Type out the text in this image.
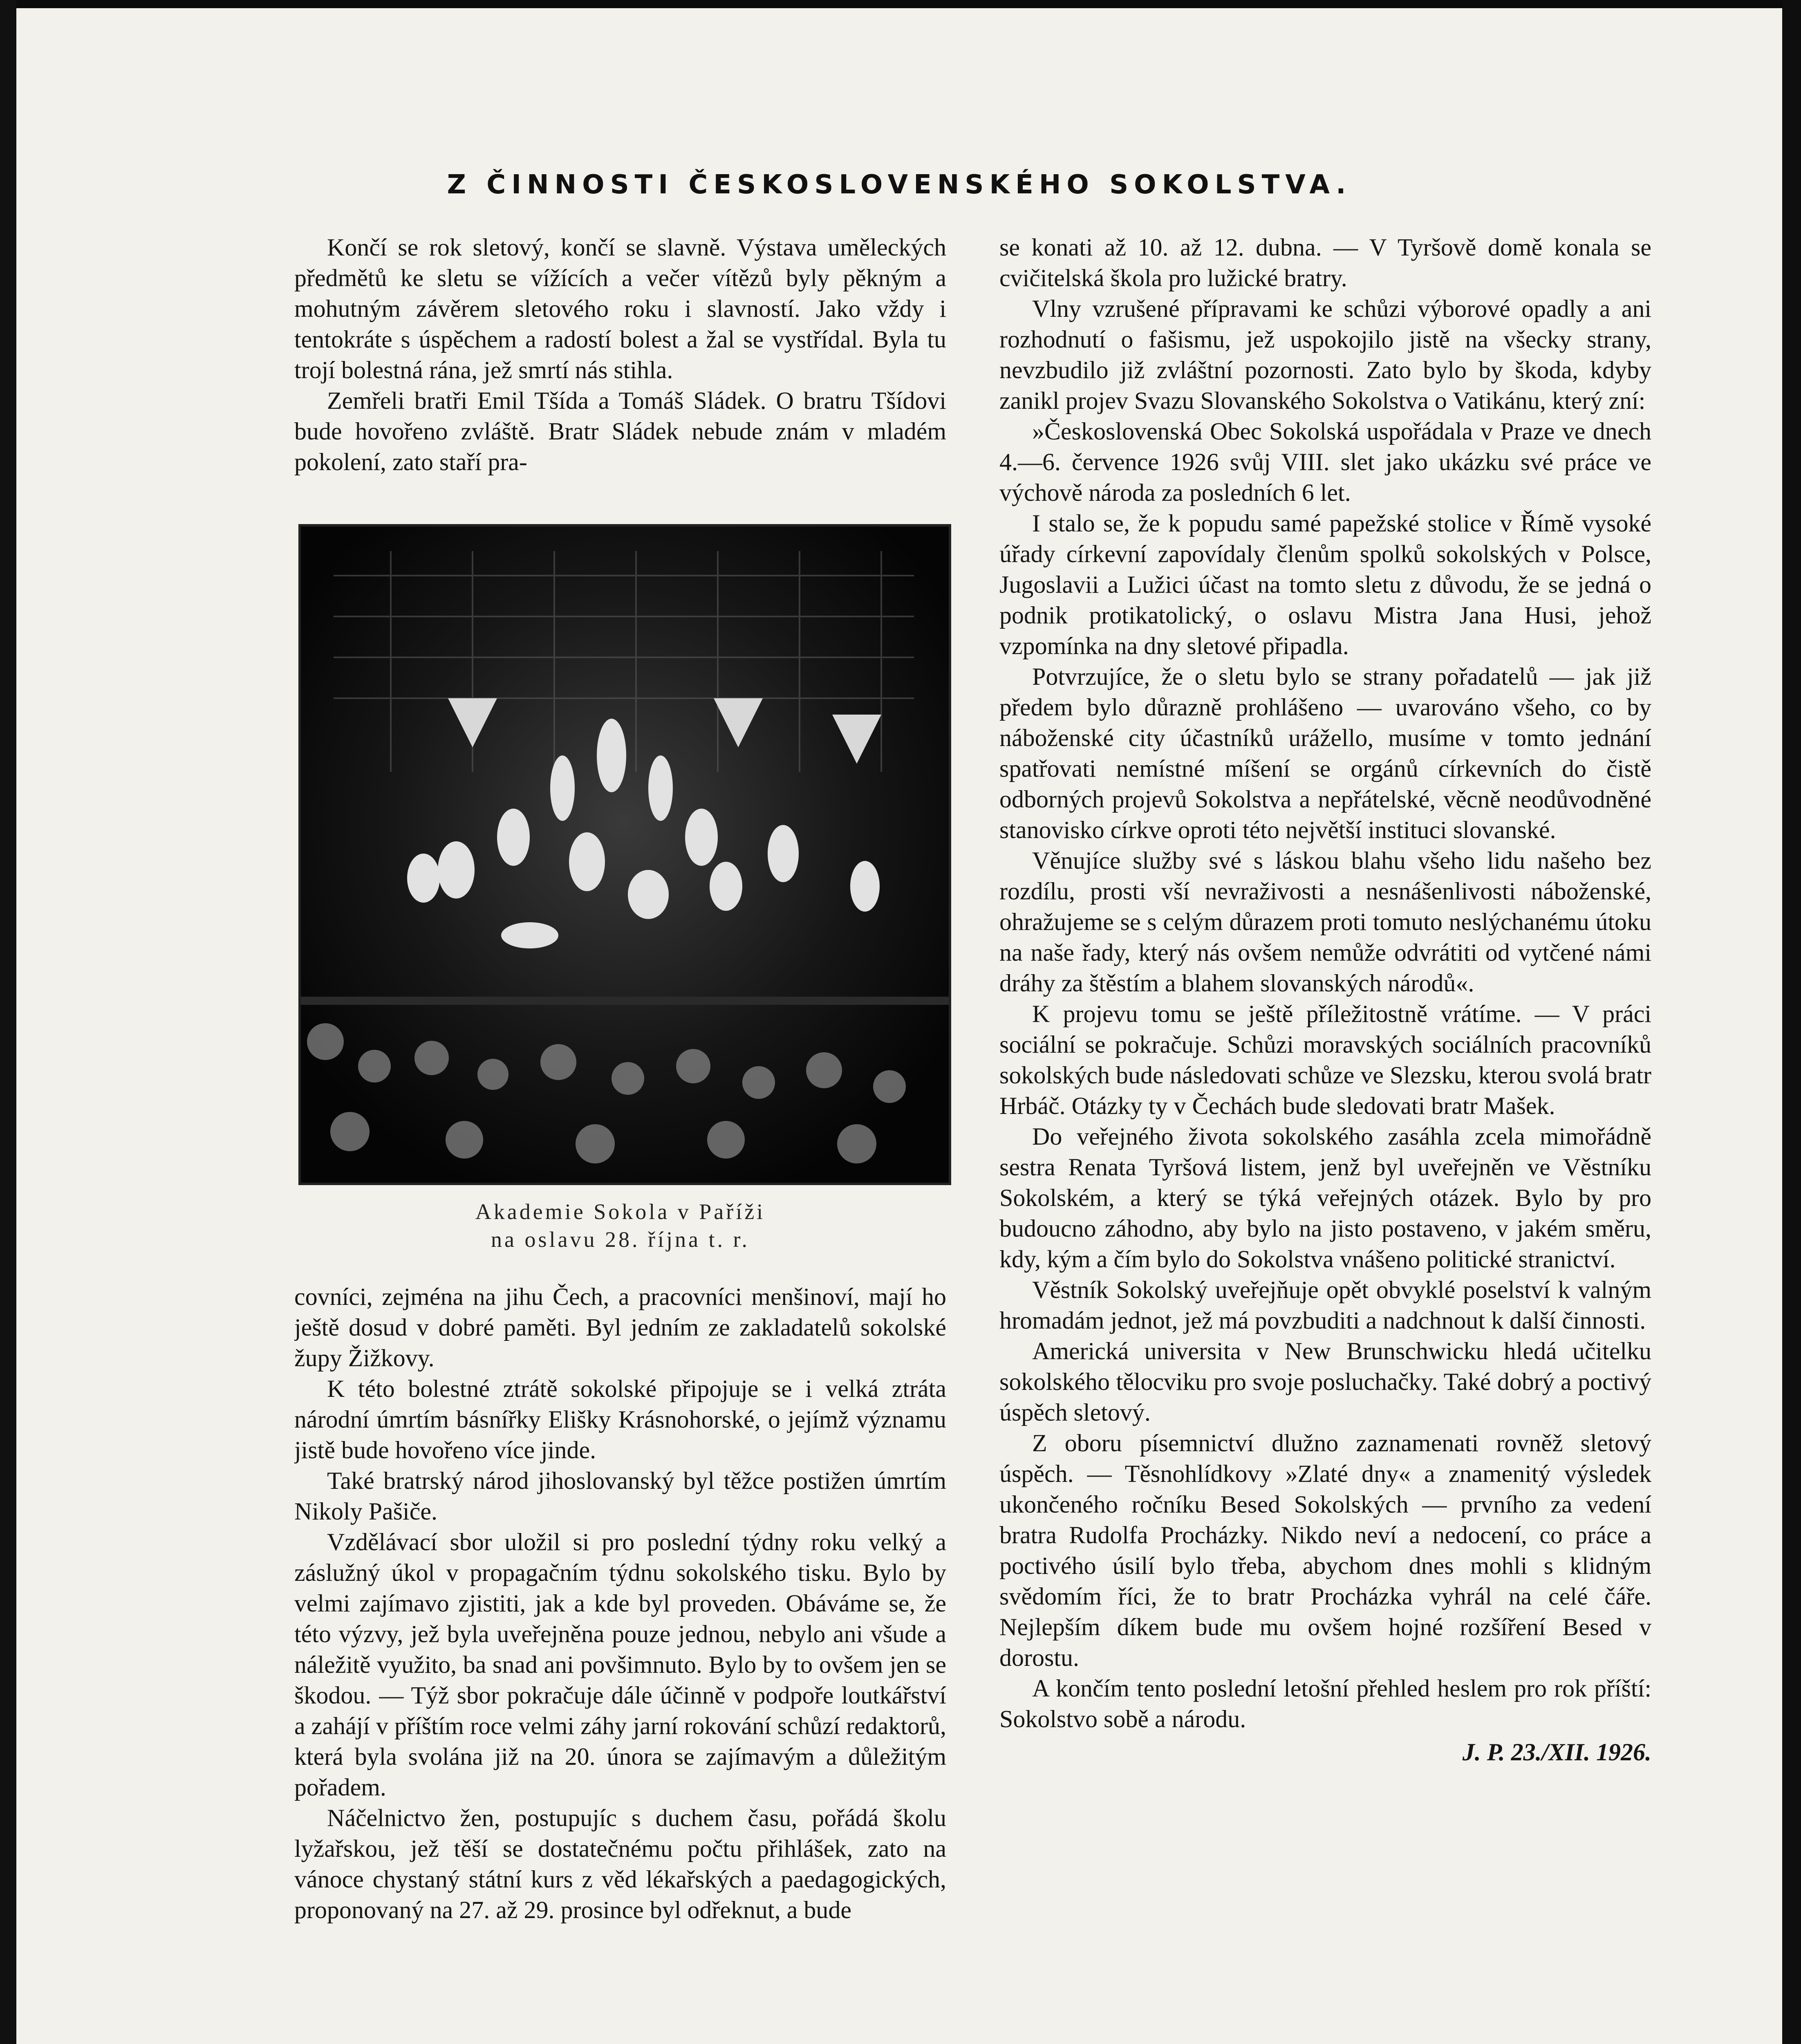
Z ČINNOSTI ČESKOSLOVENSKÉHO SOKOLSTVA.

Končí se rok sletový, končí se slavně. Výstava uměleckých předmětů ke sletu se vížících a večer vítězů byly pěkným a mohutným závěrem sletového roku i slavností. Jako vždy i tentokráte s úspěchem a radostí bolest a žal se vystřídal. Byla tu trojí bolestná rána, jež smrtí nás stihla.

Zemřeli bratři Emil Tšída a Tomáš Sládek. O bratru Tšídovi bude hovořeno zvláště. Bratr Sládek nebude znám v mladém pokolení, zato staří pra-

Akademie Sokola v Paříži
na oslavu 28. října t. r.

covníci, zejména na jihu Čech, a pracovníci menšinoví, mají ho ještě dosud v dobré paměti. Byl jedním ze zakladatelů sokolské župy Žižkovy.

K této bolestné ztrátě sokolské připojuje se i velká ztráta národní úmrtím básnířky Elišky Krásnohorské, o jejímž významu jistě bude hovořeno více jinde.

Také bratrský národ jihoslovanský byl těžce postižen úmrtím Nikoly Pašiče.

Vzdělávací sbor uložil si pro poslední týdny roku velký a záslužný úkol v propagačním týdnu sokolského tisku. Bylo by velmi zajímavo zjistiti, jak a kde byl proveden. Obáváme se, že této výzvy, jež byla uveřejněna pouze jednou, nebylo ani všude a náležitě využito, ba snad ani povšimnuto. Bylo by to ovšem jen se škodou. — Týž sbor pokračuje dále účinně v podpoře loutkářství a zahájí v příštím roce velmi záhy jarní rokování schůzí redaktorů, která byla svolána již na 20. února se zajímavým a důležitým pořadem.

Náčelnictvo žen, postupujíc s duchem času, pořádá školu lyžařskou, jež těší se dostatečnému počtu přihlášek, zato na vánoce chystaný státní kurs z věd lékařských a paedagogických, proponovaný na 27. až 29. prosince byl odřeknut, a bude

se konati až 10. až 12. dubna. — V Tyršově domě konala se cvičitelská škola pro lužické bratry.

Vlny vzrušené přípravami ke schůzi výborové opadly a ani rozhodnutí o fašismu, jež uspokojilo jistě na všecky strany, nevzbudilo již zvláštní pozornosti. Zato bylo by škoda, kdyby zanikl projev Svazu Slovanského Sokolstva o Vatikánu, který zní:

»Československá Obec Sokolská uspořádala v Praze ve dnech 4.—6. července 1926 svůj VIII. slet jako ukázku své práce ve výchově národa za posledních 6 let.

I stalo se, že k popudu samé papežské stolice v Římě vysoké úřady církevní zapovídaly členům spolků sokolských v Polsce, Jugoslavii a Lužici účast na tomto sletu z důvodu, že se jedná o podnik protikatolický, o oslavu Mistra Jana Husi, jehož vzpomínka na dny sletové připadla.

Potvrzujíce, že o sletu bylo se strany pořadatelů — jak již předem bylo důrazně prohlášeno — uvarováno všeho, co by náboženské city účastníků urážello, musíme v tomto jednání spatřovati nemístné míšení se orgánů církevních do čistě odborných projevů Sokolstva a nepřátelské, věcně neodůvodněné stanovisko církve oproti této největší instituci slovanské.

Věnujíce služby své s láskou blahu všeho lidu našeho bez rozdílu, prosti vší nevraživosti a nesnášenlivosti náboženské, ohražujeme se s celým důrazem proti tomuto neslýchanému útoku na naše řady, který nás ovšem nemůže odvrátiti od vytčené námi dráhy za štěstím a blahem slovanských národů«.

K projevu tomu se ještě příležitostně vrátíme. — V práci sociální se pokračuje. Schůzi moravských sociálních pracovníků sokolských bude následovati schůze ve Slezsku, kterou svolá bratr Hrbáč. Otázky ty v Čechách bude sledovati bratr Mašek.

Do veřejného života sokolského zasáhla zcela mimořádně sestra Renata Tyršová listem, jenž byl uveřejněn ve Věstníku Sokolském, a který se týká veřejných otázek. Bylo by pro budoucno záhodno, aby bylo na jisto postaveno, v jakém směru, kdy, kým a čím bylo do Sokolstva vnášeno politické stranictví.

Věstník Sokolský uveřejňuje opět obvyklé poselství k valným hromadám jednot, jež má povzbuditi a nadchnout k další činnosti.

Americká universita v New Brunschwicku hledá učitelku sokolského tělocviku pro svoje posluchačky. Také dobrý a poctivý úspěch sletový.

Z oboru písemnictví dlužno zaznamenati rovněž sletový úspěch. — Těsnohlídkovy »Zlaté dny« a znamenitý výsledek ukončeného ročníku Besed Sokolských — prvního za vedení bratra Rudolfa Procházky. Nikdo neví a nedocení, co práce a poctivého úsilí bylo třeba, abychom dnes mohli s klidným svědomím říci, že to bratr Procházka vyhrál na celé čáře. Nejlepším díkem bude mu ovšem hojné rozšíření Besed v dorostu.

A končím tento poslední letošní přehled heslem pro rok příští: Sokolstvo sobě a národu.

J. P. 23./XII. 1926.
